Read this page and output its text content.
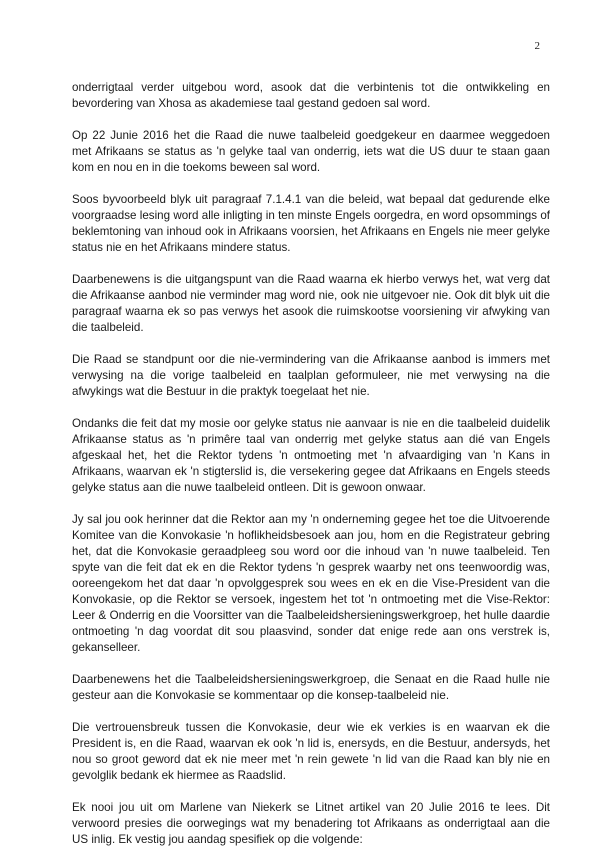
2

onderrigtaal verder uitgebou word, asook dat die verbintenis tot die ontwikkeling en bevordering van Xhosa as akademiese taal gestand gedoen sal word.

Op 22 Junie 2016 het die Raad die nuwe taalbeleid goedgekeur en daarmee weggedoen met Afrikaans se status as 'n gelyke taal van onderrig, iets wat die US duur te staan gaan kom en nou en in die toekoms beween sal word.

Soos byvoorbeeld blyk uit paragraaf 7.1.4.1 van die beleid, wat bepaal dat gedurende elke voorgraadse lesing word alle inligting in ten minste Engels oorgedra, en word opsommings of beklemtoning van inhoud ook in Afrikaans voorsien, het Afrikaans en Engels nie meer gelyke status nie en het Afrikaans mindere status.

Daarbenewens is die uitgangspunt van die Raad waarna ek hierbo verwys het, wat verg dat die Afrikaanse aanbod nie verminder mag word nie, ook nie uitgevoer nie. Ook dit blyk uit die paragraaf waarna ek so pas verwys het asook die ruimskootse voorsiening vir afwyking van die taalbeleid.

Die Raad se standpunt oor die nie-vermindering van die Afrikaanse aanbod is immers met verwysing na die vorige taalbeleid en taalplan geformuleer, nie met verwysing na die afwykings wat die Bestuur in die praktyk toegelaat het nie.

Ondanks die feit dat my mosie oor gelyke status nie aanvaar is nie en die taalbeleid duidelik Afrikaanse status as 'n primêre taal van onderrig met gelyke status aan dié van Engels afgeskaal het, het die Rektor tydens 'n ontmoeting met 'n afvaardiging van 'n Kans in Afrikaans, waarvan ek 'n stigterslid is, die versekering gegee dat Afrikaans en Engels steeds gelyke status aan die nuwe taalbeleid ontleen. Dit is gewoon onwaar.

Jy sal jou ook herinner dat die Rektor aan my 'n onderneming gegee het toe die Uitvoerende Komitee van die Konvokasie 'n hoflikheidsbesoek aan jou, hom en die Registrateur gebring het, dat die Konvokasie geraadpleeg sou word oor die inhoud van 'n nuwe taalbeleid. Ten spyte van die feit dat ek en die Rektor tydens 'n gesprek waarby net ons teenwoordig was, ooreengekom het dat daar 'n opvolggesprek sou wees en ek en die Vise-President van die Konvokasie, op die Rektor se versoek, ingestem het tot 'n ontmoeting met die Vise-Rektor: Leer & Onderrig en die Voorsitter van die Taalbeleidshersieningswerkgroep, het hulle daardie ontmoeting 'n dag voordat dit sou plaasvind, sonder dat enige rede aan ons verstrek is, gekanselleer.

Daarbenewens het die Taalbeleidshersieningswerkgroep, die Senaat en die Raad hulle nie gesteur aan die Konvokasie se kommentaar op die konsep-taalbeleid nie.

Die vertrouensbreuk tussen die Konvokasie, deur wie ek verkies is en waarvan ek die President is, en die Raad, waarvan ek ook 'n lid is, enersyds, en die Bestuur, andersyds, het nou so groot geword dat ek nie meer met 'n rein gewete 'n lid van die Raad kan bly nie en gevolglik bedank ek hiermee as Raadslid.

Ek nooi jou uit om Marlene van Niekerk se Litnet artikel van 20 Julie 2016 te lees. Dit verwoord presies die oorwegings wat my benadering tot Afrikaans as onderrigtaal aan die US inlig. Ek vestig jou aandag spesifiek op die volgende:
